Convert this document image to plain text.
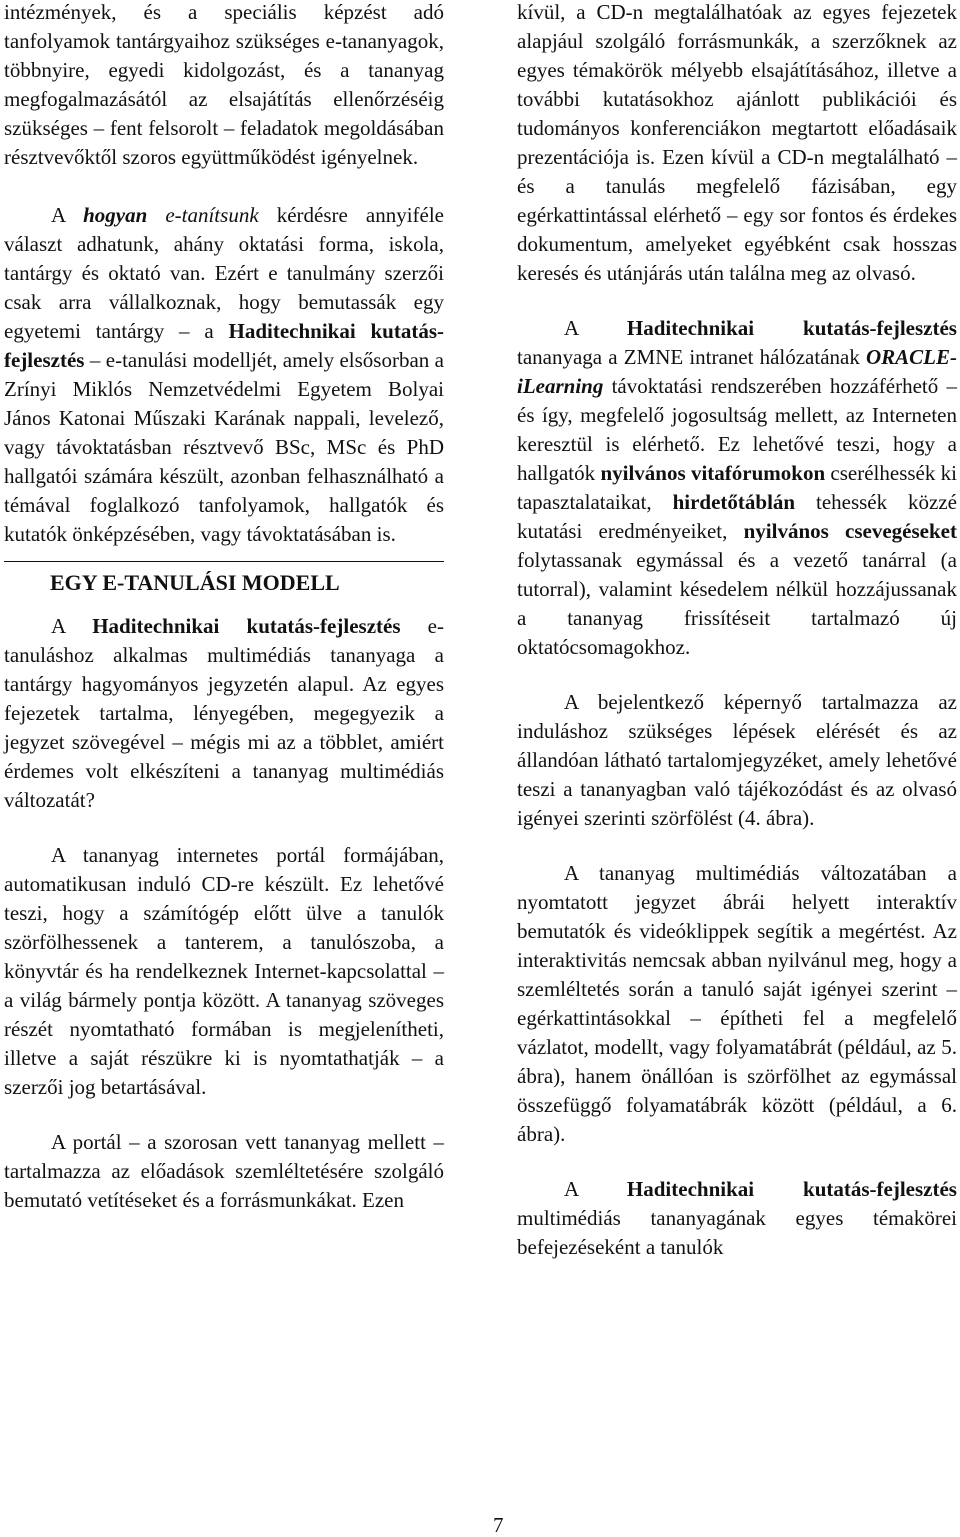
intézmények, és a speciális képzést adó tanfolyamok tantárgyaihoz szükséges e-tananyagok, többnyire, egyedi kidolgozást, és a tananyag megfogalmazásától az elsajátítás ellenőrzéséig szükséges – fent felsorolt – feladatok megoldásában résztvevőktől szoros együttműködést igényelnek.

A hogyan e-tanítsunk kérdésre annyiféle választ adhatunk, ahány oktatási forma, iskola, tantárgy és oktató van. Ezért e tanulmány szerzői csak arra vállalkoznak, hogy bemutassák egy egyetemi tantárgy – a Haditechnikai kutatás-fejlesztés – e-tanulási modelljét, amely elsősorban a Zrínyi Miklós Nemzetvédelmi Egyetem Bolyai János Katonai Műszaki Karának nappali, levelező, vagy távoktatásban résztvevő BSc, MSc és PhD hallgatói számára készült, azonban felhasználható a témával foglalkozó tanfolyamok, hallgatók és kutatók önképzésében, vagy távoktatásában is.

EGY E-TANULÁSI MODELL

A Haditechnikai kutatás-fejlesztés e-tanuláshoz alkalmas multimédiás tananyaga a tantárgy hagyományos jegyzetén alapul. Az egyes fejezetek tartalma, lényegében, megegyezik a jegyzet szövegével – mégis mi az a többlet, amiért érdemes volt elkészíteni a tananyag multimédiás változatát?

A tananyag internetes portál formájában, automatikusan induló CD-re készült. Ez lehetővé teszi, hogy a számítógép előtt ülve a tanulók szörfölhessenek a tanterem, a tanulószoba, a könyvtár és ha rendelkeznek Internet-kapcsolattal – a világ bármely pontja között. A tananyag szöveges részét nyomtatható formában is megjelenítheti, illetve a saját részükre ki is nyomtathatják – a szerzői jog betartásával.

A portál – a szorosan vett tananyag mellett – tartalmazza az előadások szemléltetésére szolgáló bemutató vetítéseket és a forrásmunkákat. Ezen

kívül, a CD-n megtalálhatóak az egyes fejezetek alapjául szolgáló forrásmunkák, a szerzőknek az egyes témakörök mélyebb elsajátításához, illetve a további kutatásokhoz ajánlott publikációi és tudományos konferenciákon megtartott előadásaik prezentációja is. Ezen kívül a CD-n megtalálható – és a tanulás megfelelő fázisában, egy egérkattintással elérhető – egy sor fontos és érdekes dokumentum, amelyeket egyébként csak hosszas keresés és utánjárás után találna meg az olvasó.

A Haditechnikai kutatás-fejlesztés tananyaga a ZMNE intranet hálózatának ORACLE-iLearning távoktatási rendszerében hozzáférhető – és így, megfelelő jogosultság mellett, az Interneten keresztül is elérhető. Ez lehetővé teszi, hogy a hallgatók nyilvános vitafórumokon cserélhessék ki tapasztalataikat, hirdetőtáblán tehessék közzé kutatási eredményeiket, nyilvános csevegéseket folytassanak egymással és a vezető tanárral (a tutorral), valamint késedelem nélkül hozzájussanak a tananyag frissítéseit tartalmazó új oktatócsomagokhoz.

A bejelentkező képernyő tartalmazza az induláshoz szükséges lépések elérését és az állandóan látható tartalomjegyzéket, amely lehetővé teszi a tananyagban való tájékozódást és az olvasó igényei szerinti szörfölést (4. ábra).

A tananyag multimédiás változatában a nyomtatott jegyzet ábrái helyett interaktív bemutatók és videóklippek segítik a megértést. Az interaktivitás nemcsak abban nyilvánul meg, hogy a szemléltetés során a tanuló saját igényei szerint – egérkattintásokkal – építheti fel a megfelelő vázlatot, modellt, vagy folyamatábrát (például, az 5. ábra), hanem önállóan is szörfölhet az egymással összefüggő folyamatábrák között (például, a 6. ábra).

A Haditechnikai kutatás-fejlesztés multimédiás tananyagának egyes témakörei befejezéseként a tanulók

7
